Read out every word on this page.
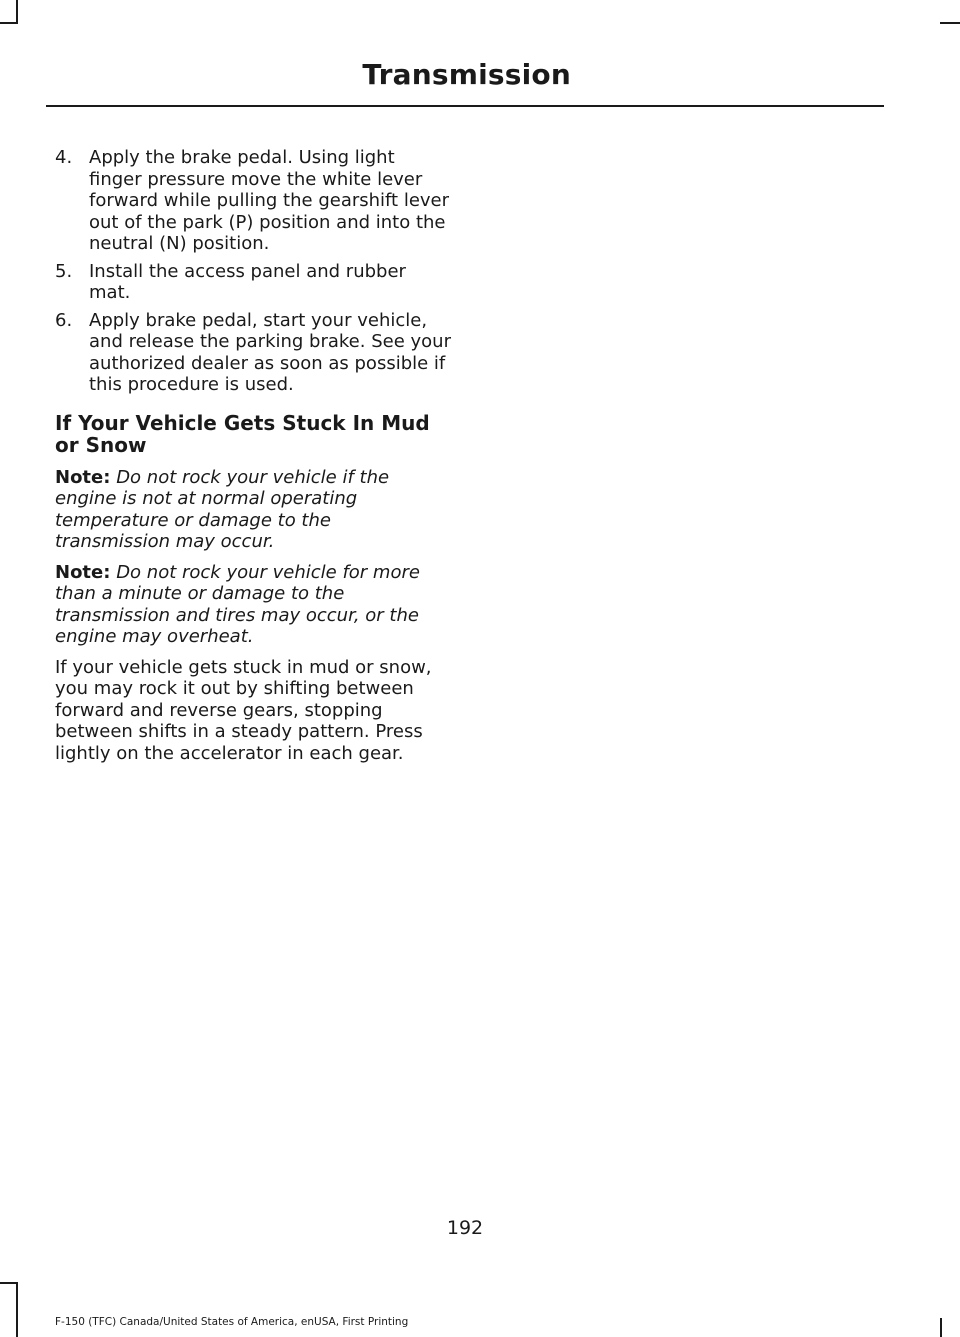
Transmission
4. Apply the brake pedal. Using light finger pressure move the white lever forward while pulling the gearshift lever out of the park (P) position and into the neutral (N) position.
5. Install the access panel and rubber mat.
6. Apply brake pedal, start your vehicle, and release the parking brake. See your authorized dealer as soon as possible if this procedure is used.
If Your Vehicle Gets Stuck In Mud or Snow

Note: Do not rock your vehicle if the engine is not at normal operating temperature or damage to the transmission may occur.

Note: Do not rock your vehicle for more than a minute or damage to the transmission and tires may occur, or the engine may overheat.

If your vehicle gets stuck in mud or snow, you may rock it out by shifting between forward and reverse gears, stopping between shifts in a steady pattern. Press lightly on the accelerator in each gear.

192
F-150 (TFC) Canada/United States of America, enUSA, First Printing
